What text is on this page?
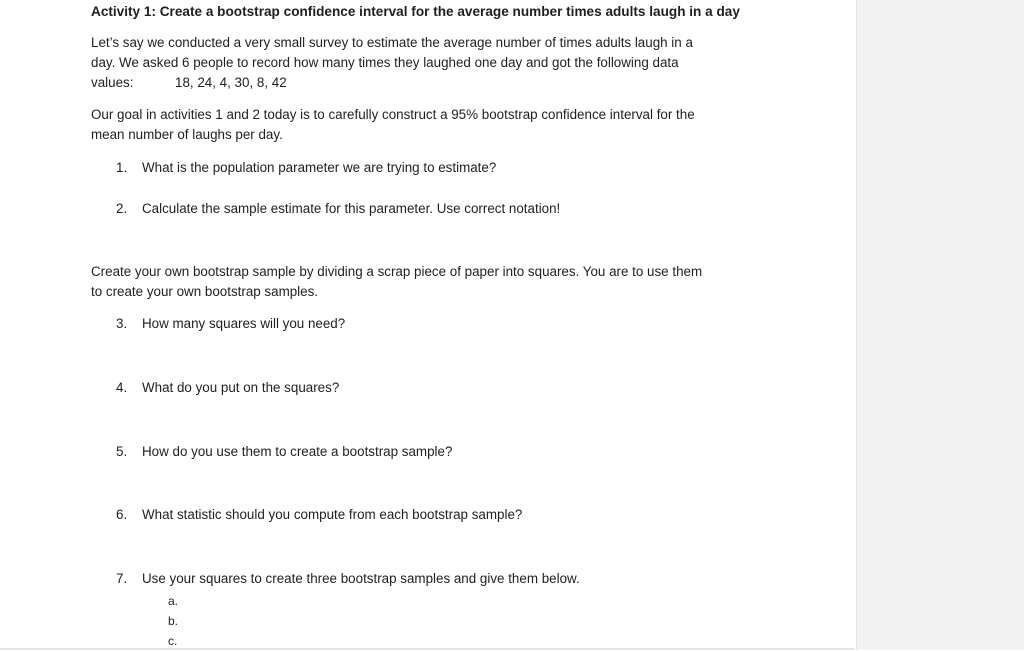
Activity 1: Create a bootstrap confidence interval for the average number times adults laugh in a day
Let’s say we conducted a very small survey to estimate the average number of times adults laugh in a
day. We asked 6 people to record how many times they laughed one day and got the following data
values:	18, 24, 4, 30, 8, 42
Our goal in activities 1 and 2 today is to carefully construct a 95% bootstrap confidence interval for the
mean number of laughs per day.
1.	What is the population parameter we are trying to estimate?
2.	Calculate the sample estimate for this parameter. Use correct notation!
Create your own bootstrap sample by dividing a scrap piece of paper into squares. You are to use them
to create your own bootstrap samples.
3.	How many squares will you need?
4.	What do you put on the squares?
5.	How do you use them to create a bootstrap sample?
6.	What statistic should you compute from each bootstrap sample?
7.	Use your squares to create three bootstrap samples and give them below.
a.
b.
c.
